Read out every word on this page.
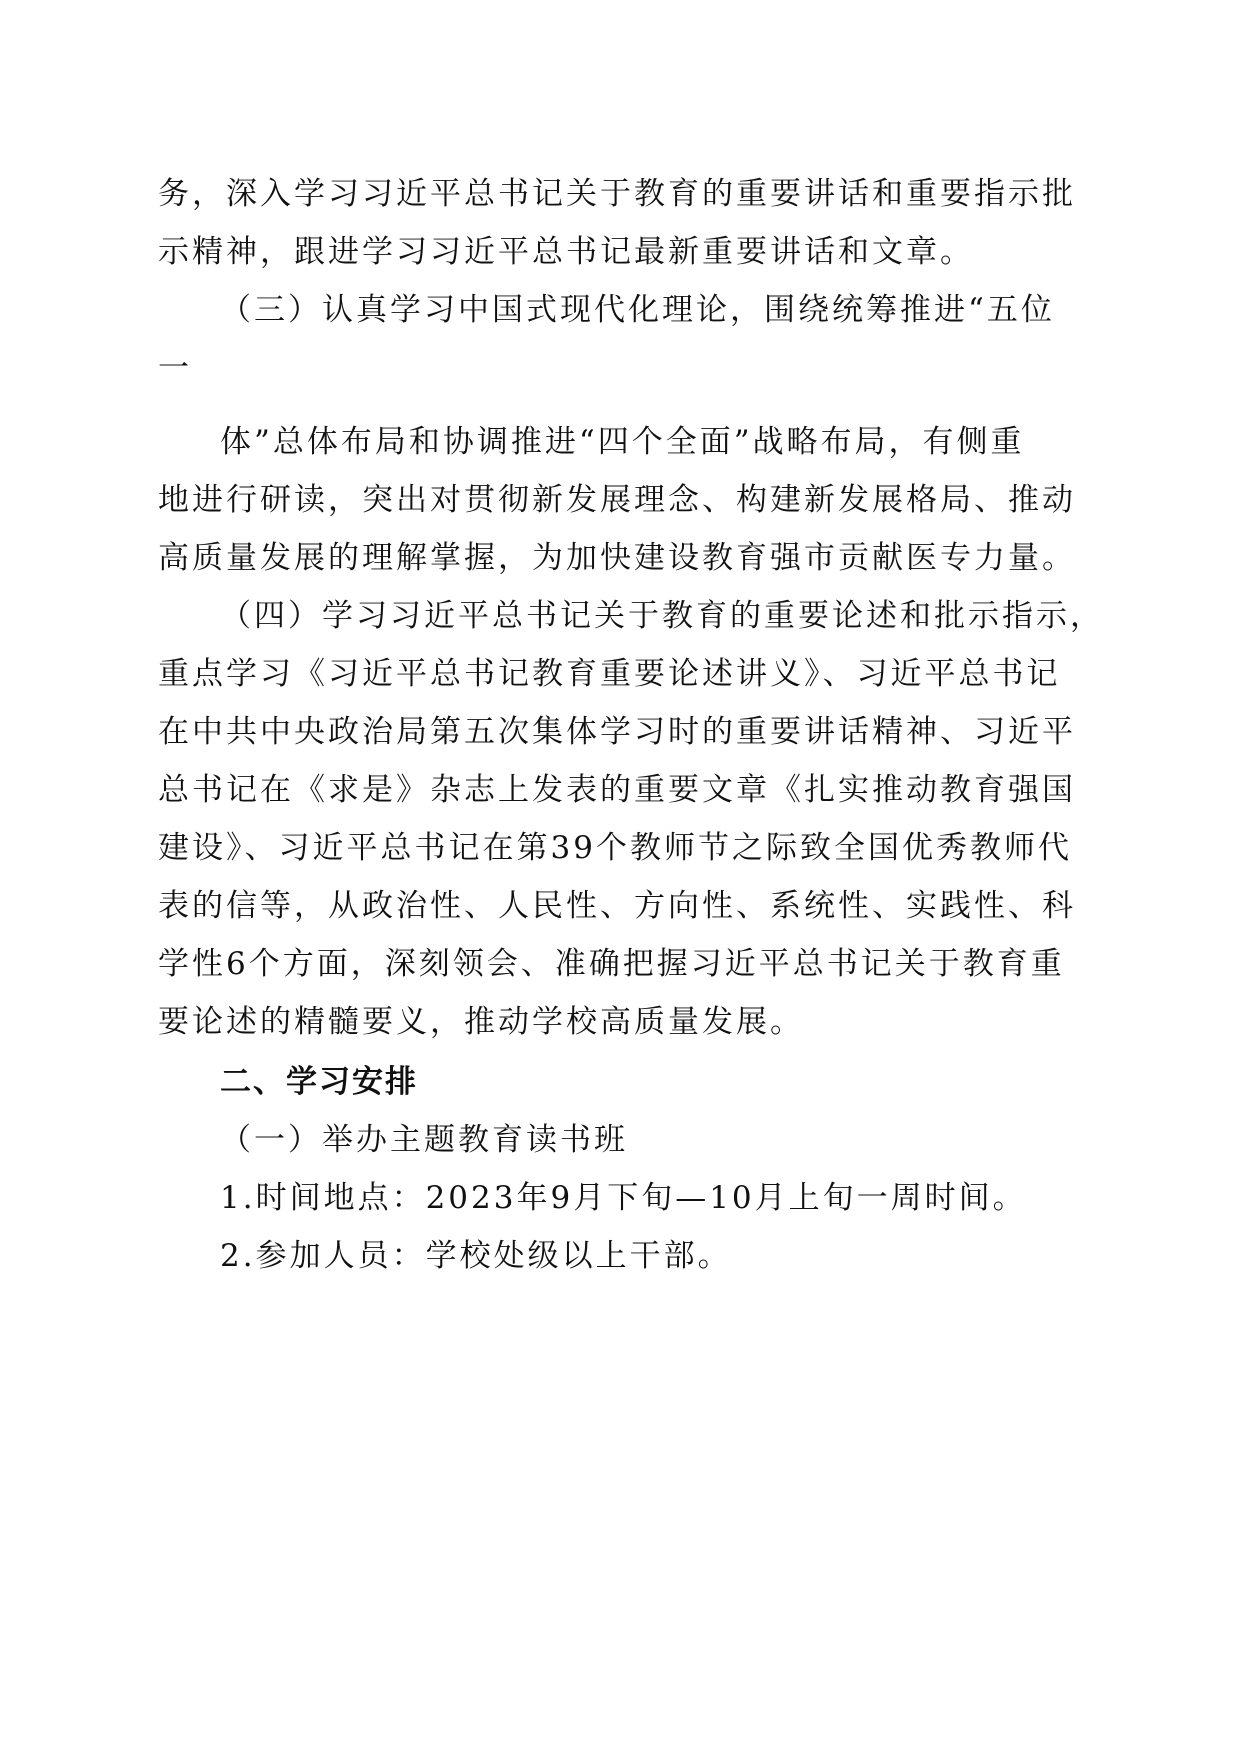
务，深入学习习近平总书记关于教育的重要讲话和重要指示批
示精神，跟进学习习近平总书记最新重要讲话和文章。
（三）认真学习中国式现代化理论，围绕统筹推进“五位
一
体”总体布局和协调推进“四个全面”战略布局，有侧重
地进行研读，突出对贯彻新发展理念、构建新发展格局、推动
高质量发展的理解掌握，为加快建设教育强市贡献医专力量。
（四）学习习近平总书记关于教育的重要论述和批示指示，
重点学习《习近平总书记教育重要论述讲义》、习近平总书记
在中共中央政治局第五次集体学习时的重要讲话精神、习近平
总书记在《求是》杂志上发表的重要文章《扎实推动教育强国
建设》、习近平总书记在第39个教师节之际致全国优秀教师代
表的信等，从政治性、人民性、方向性、系统性、实践性、科
学性6个方面，深刻领会、准确把握习近平总书记关于教育重
要论述的精髓要义，推动学校高质量发展。
二、学习安排
（一）举办主题教育读书班
1.时间地点：2023年9月下旬—10月上旬一周时间。
2.参加人员：学校处级以上干部。
